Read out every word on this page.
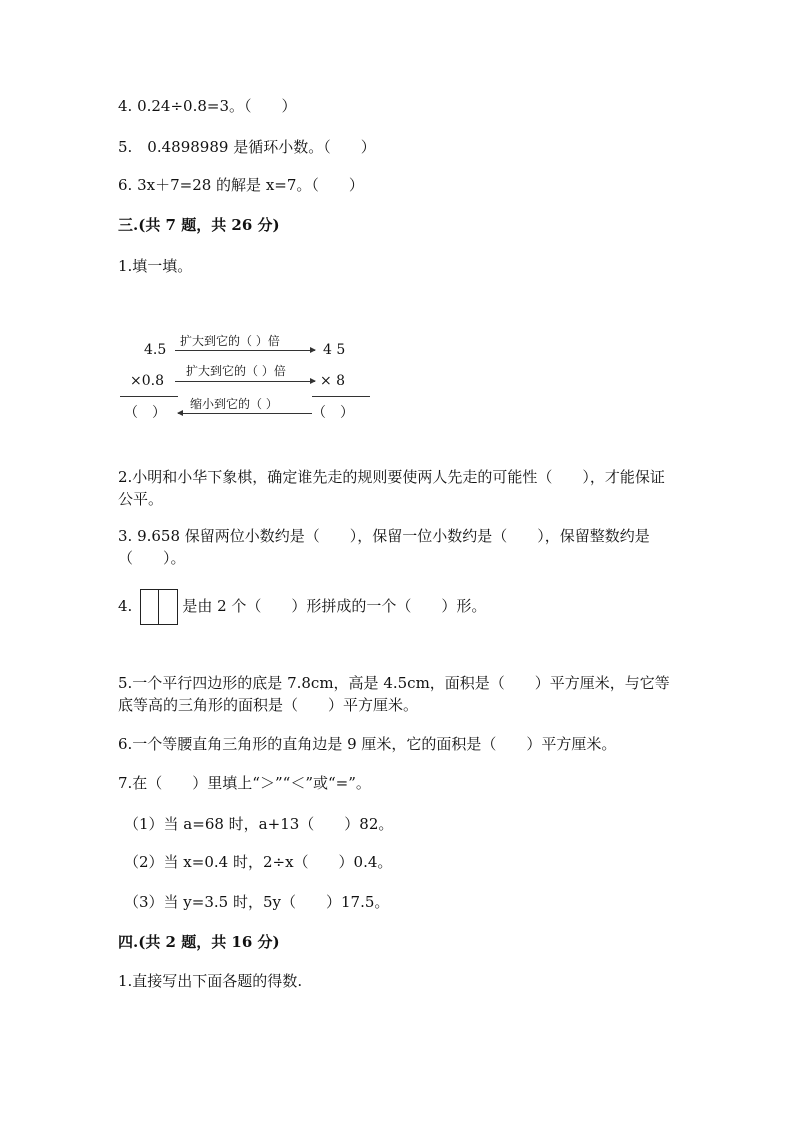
4. 0.24÷0.8=3。（　　）
5.　0.4898989 是循环小数。（　　）
6. 3x＋7=28 的解是 x=7。（　　）
三.(共 7 题，共 26 分)
1.填一填。
4.5
扩大到它的（ ）倍
4 5
×0.8
扩大到它的（ ）倍
× 8
（　）
缩小到它的（ ）
（　）
2.小明和小华下象棋，确定谁先走的规则要使两人先走的可能性（　　），才能保证公平。
3. 9.658 保留两位小数约是（　　），保留一位小数约是（　　），保留整数约是（　　）。
4.	是由 2 个（　　）形拼成的一个（　　）形。
5.一个平行四边形的底是 7.8cm，高是 4.5cm，面积是（　　）平方厘米，与它等底等高的三角形的面积是（　　）平方厘米。
6.一个等腰直角三角形的直角边是 9 厘米，它的面积是（　　）平方厘米。
7.在（　　）里填上“＞”“＜”或“=”。
（1）当 a=68 时，a+13（　　）82。
（2）当 x=0.4 时，2÷x（　　）0.4。
（3）当 y=3.5 时，5y（　　）17.5。
四.(共 2 题，共 16 分)
1.直接写出下面各题的得数.
